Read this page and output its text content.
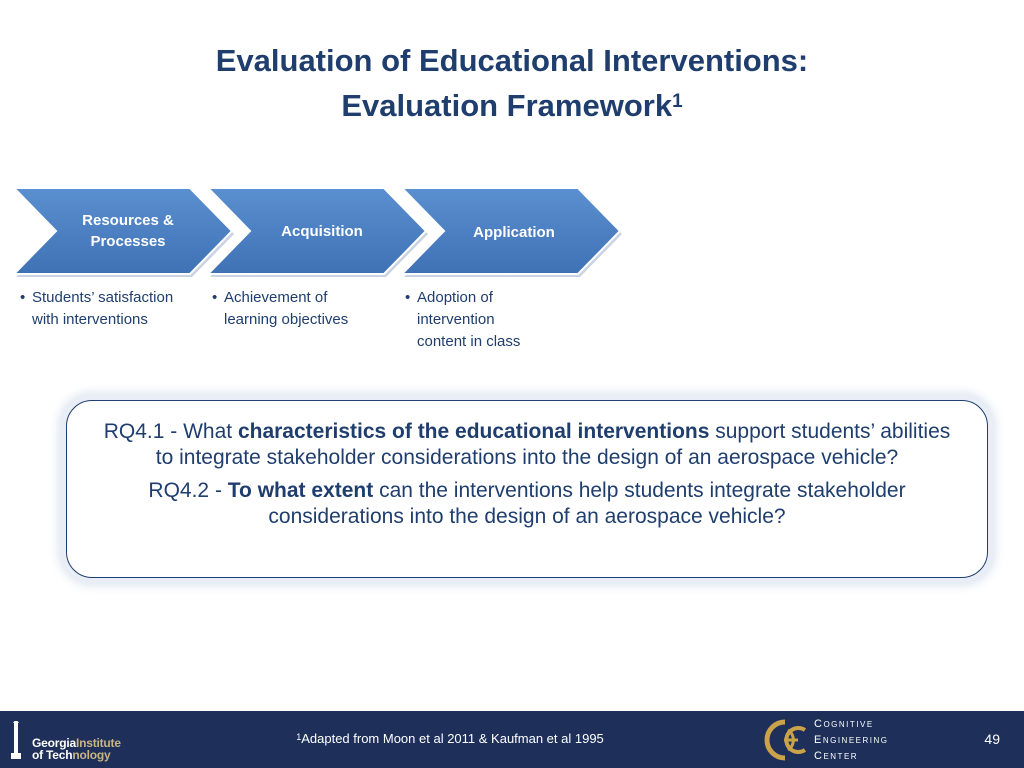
Evaluation of Educational Interventions:
Evaluation Framework$^1$
Resources &
Processes
Acquisition	Application
• Students’ satisfaction with interventions
• Achievement of learning objectives
• Adoption of intervention content in class

RQ4.1 - What characteristics of the educational interventions support students’ abilities to integrate stakeholder considerations into the design of an aerospace vehicle?

RQ4.2 - To what extent can the interventions help students integrate stakeholder considerations into the design of an aerospace vehicle?

GeorgiaInstitute
of Technology
$^1$Adapted from Moon et al 2011 & Kaufman et al 1995
Cognitive
Engineering
Center
49
